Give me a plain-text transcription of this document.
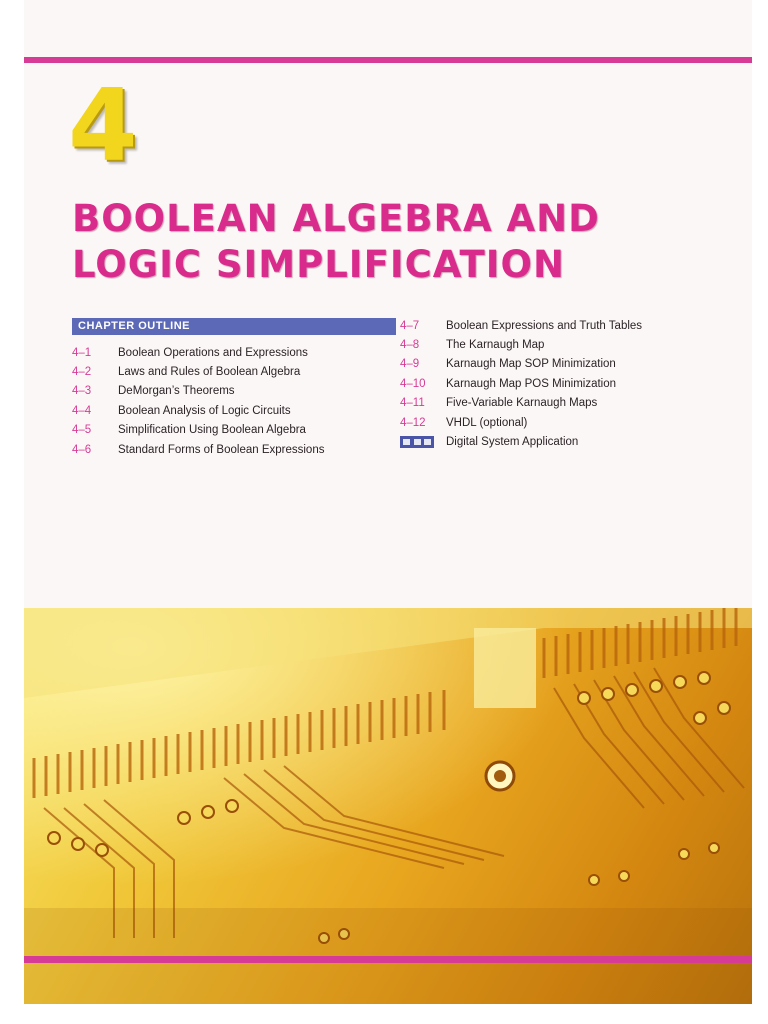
4
BOOLEAN ALGEBRA AND
LOGIC SIMPLIFICATION
CHAPTER OUTLINE
4–1	Boolean Operations and Expressions
4–2	Laws and Rules of Boolean Algebra
4–3	DeMorgan’s Theorems
4–4	Boolean Analysis of Logic Circuits
4–5	Simplification Using Boolean Algebra
4–6	Standard Forms of Boolean Expressions
4–7	Boolean Expressions and Truth Tables
4–8	The Karnaugh Map
4–9	Karnaugh Map SOP Minimization
4–10	Karnaugh Map POS Minimization
4–11	Five-Variable Karnaugh Maps
4–12	VHDL (optional)
Digital System Application
